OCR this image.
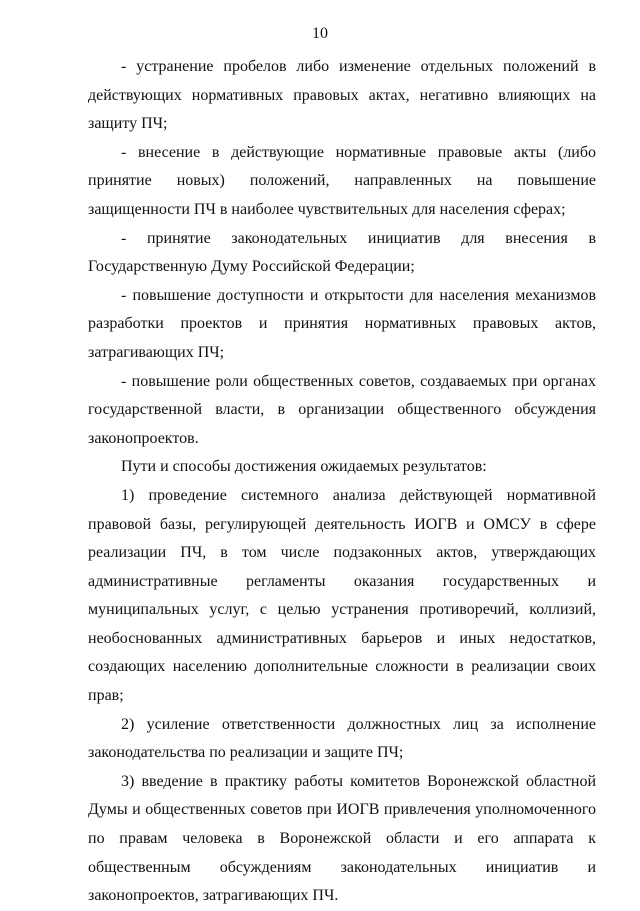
10

- устранение пробелов либо изменение отдельных положений в действующих нормативных правовых актах, негативно влияющих на защиту ПЧ;

- внесение в действующие нормативные правовые акты (либо принятие новых) положений, направленных на повышение защищенности ПЧ в наиболее чувствительных для населения сферах;

- принятие законодательных инициатив для внесения в Государственную Думу Российской Федерации;

- повышение доступности и открытости для населения механизмов разработки проектов и принятия нормативных правовых актов, затрагивающих ПЧ;

- повышение роли общественных советов, создаваемых при органах государственной власти, в организации общественного обсуждения законопроектов.

Пути и способы достижения ожидаемых результатов:

1) проведение системного анализа действующей нормативной правовой базы, регулирующей деятельность ИОГВ и ОМСУ в сфере реализации ПЧ, в том числе подзаконных актов, утверждающих административные регламенты оказания государственных и муниципальных услуг, с целью устранения противоречий, коллизий, необоснованных административных барьеров и иных недостатков, создающих населению дополнительные сложности в реализации своих прав;

2) усиление ответственности должностных лиц за исполнение законодательства по реализации и защите ПЧ;

3) введение в практику работы комитетов Воронежской областной Думы и общественных советов при ИОГВ привлечения уполномоченного по правам человека в Воронежской области и его аппарата к общественным обсуждениям законодательных инициатив и законопроектов, затрагивающих ПЧ.
